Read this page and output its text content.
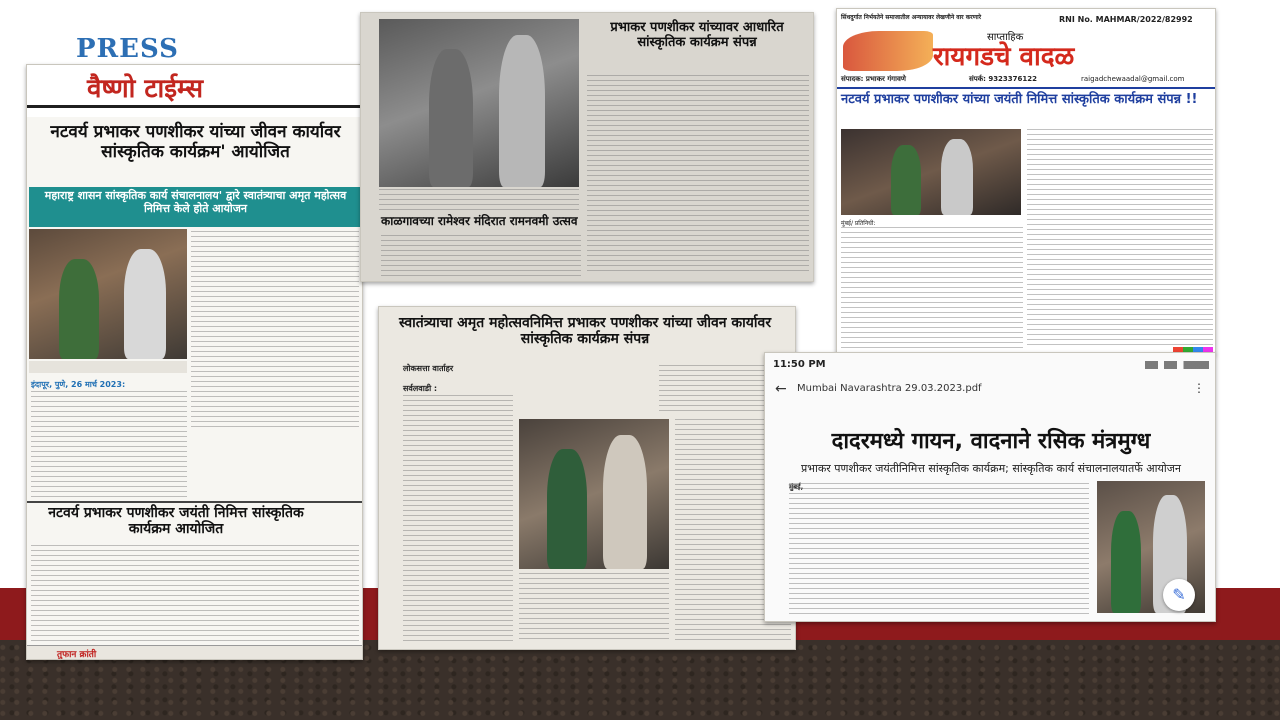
PRESS
वैष्णो टाईम्स
नटवर्य प्रभाकर पणशीकर यांच्या जीवन कार्यावर सांस्कृतिक कार्यक्रम' आयोजित
महाराष्ट्र शासन सांस्कृतिक कार्य संचालनालय' द्वारे स्वातंत्र्याचा अमृत महोत्सव निमित्त केले होते आयोजन
इंदापूर, पुणे, 26 मार्च 2023:
नटवर्य प्रभाकर पणशीकर जयंती निमित्त सांस्कृतिक कार्यक्रम आयोजित
तुफान क्रांती
प्रभाकर पणशीकर यांच्यावर आधारित सांस्कृतिक कार्यक्रम संपन्न
काळगावच्या रामेश्वर मंदिरात रामनवमी उत्सव
सिंधदुर्गात निर्भयतेने समाजातील अन्यायावर लेखणीने वार करणारे	RNI No. MAHMAR/2022/82992
साप्ताहिक
रायगडचे वादळ
संपादक: प्रभाकर गंगावणे	संपर्क: 9323376122	raigadchewaadal@gmail.com
नटवर्य प्रभाकर पणशीकर यांच्या जयंती निमित्त सांस्कृतिक कार्यक्रम संपन्न !!
मुंबई/ प्रतिनिधी:
स्वातंत्र्याचा अमृत महोत्सवनिमित्त प्रभाकर पणशीकर यांच्या जीवन कार्यावर सांस्कृतिक कार्यक्रम संपन्न
लोकसत्ता वार्ताहर
सर्वलवाडी :
11:50 PM
← Mumbai Navarashtra 29.03.2023.pdf	⋮
दादरमध्ये गायन, वादनाने रसिक मंत्रमुग्ध
प्रभाकर पणशीकर जयंतीनिमित्त सांस्कृतिक कार्यक्रम; सांस्कृतिक कार्य संचालनालयातर्फे आयोजन
मुंबई,
✎
